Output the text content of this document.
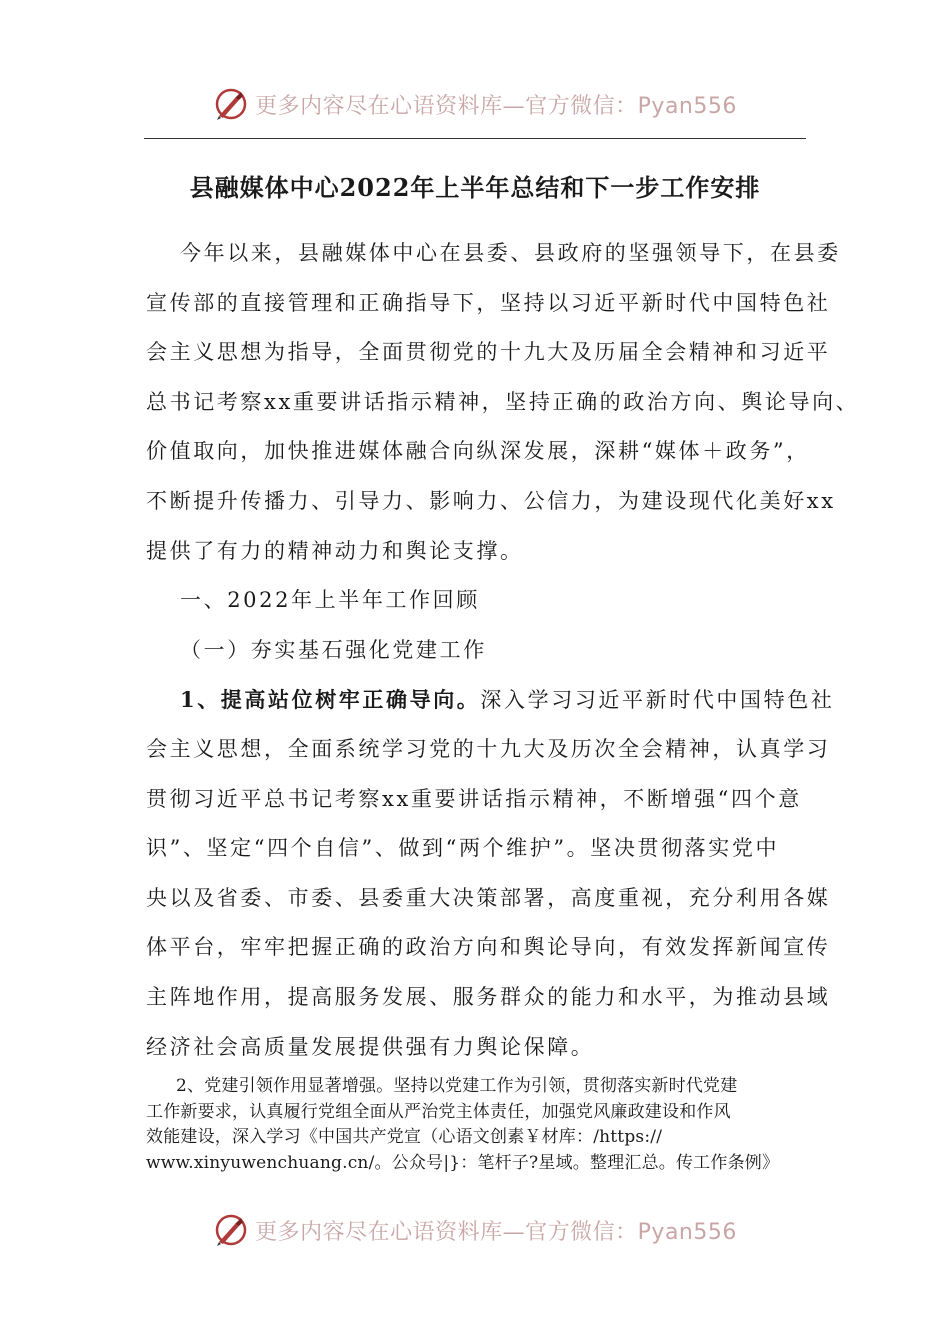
更多内容尽在心语资料库—官方微信：Pyan556
县融媒体中心2022年上半年总结和下一步工作安排
今年以来，县融媒体中心在县委、县政府的坚强领导下，在县委
宣传部的直接管理和正确指导下，坚持以习近平新时代中国特色社
会主义思想为指导，全面贯彻党的十九大及历届全会精神和习近平
总书记考察xx重要讲话指示精神，坚持正确的政治方向、舆论导向、
价值取向，加快推进媒体融合向纵深发展，深耕“媒体＋政务”，
不断提升传播力、引导力、影响力、公信力，为建设现代化美好xx
提供了有力的精神动力和舆论支撑。
一、2022年上半年工作回顾
（一）夯实基石强化党建工作
1、提高站位树牢正确导向。深入学习习近平新时代中国特色社
会主义思想，全面系统学习党的十九大及历次全会精神，认真学习
贯彻习近平总书记考察xx重要讲话指示精神，不断增强“四个意
识”、坚定“四个自信”、做到“两个维护”。坚决贯彻落实党中
央以及省委、市委、县委重大决策部署，高度重视，充分利用各媒
体平台，牢牢把握正确的政治方向和舆论导向，有效发挥新闻宣传
主阵地作用，提高服务发展、服务群众的能力和水平，为推动县域
经济社会高质量发展提供强有力舆论保障。
2、党建引领作用显著增强。坚持以党建工作为引领，贯彻落实新时代党建
工作新要求，认真履行党组全面从严治党主体责任，加强党风廉政建设和作风
效能建设，深入学习《中国共产党宣（心语文创素￥材库：/https://
www.xinyuwenchuang.cn/。公众号|}：笔杆子?星域。整理汇总。传工作条例》
更多内容尽在心语资料库—官方微信：Pyan556
